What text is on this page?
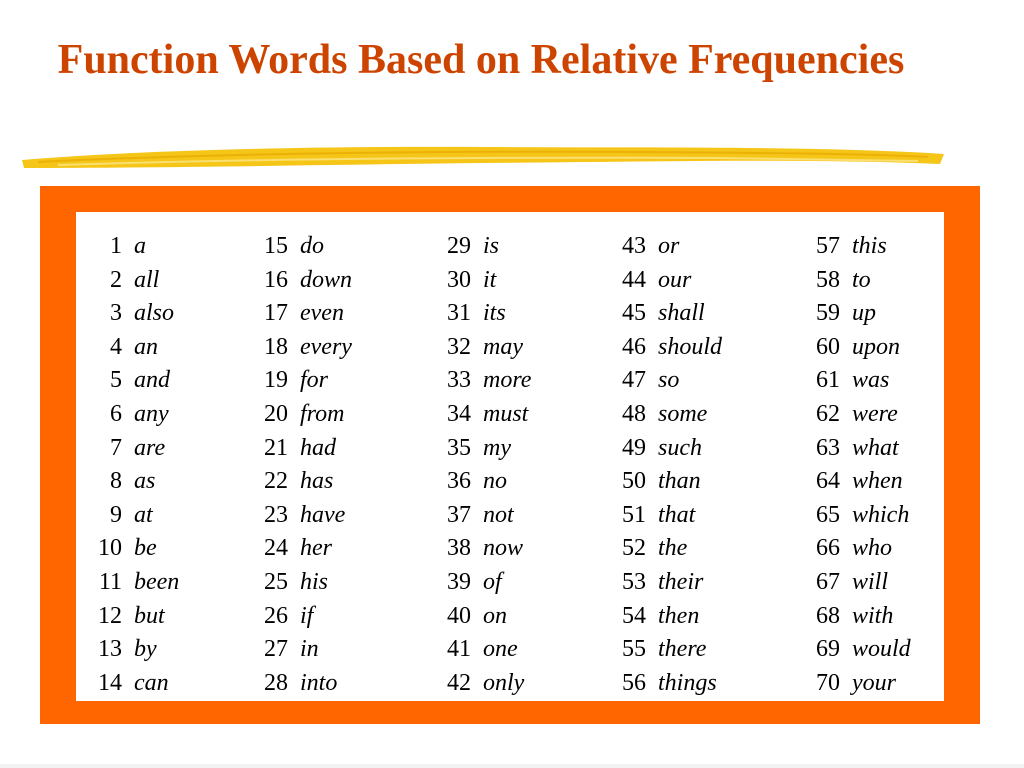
Function Words Based on Relative Frequencies
1 a
2 all
3 also
4 an
5 and
6 any
7 are
8 as
9 at
10 be
11 been
12 but
13 by
14 can
15 do
16 down
17 even
18 every
19 for
20 from
21 had
22 has
23 have
24 her
25 his
26 if
27 in
28 into
29 is
30 it
31 its
32 may
33 more
34 must
35 my
36 no
37 not
38 now
39 of
40 on
41 one
42 only
43 or
44 our
45 shall
46 should
47 so
48 some
49 such
50 than
51 that
52 the
53 their
54 then
55 there
56 things
57 this
58 to
59 up
60 upon
61 was
62 were
63 what
64 when
65 which
66 who
67 will
68 with
69 would
70 your
